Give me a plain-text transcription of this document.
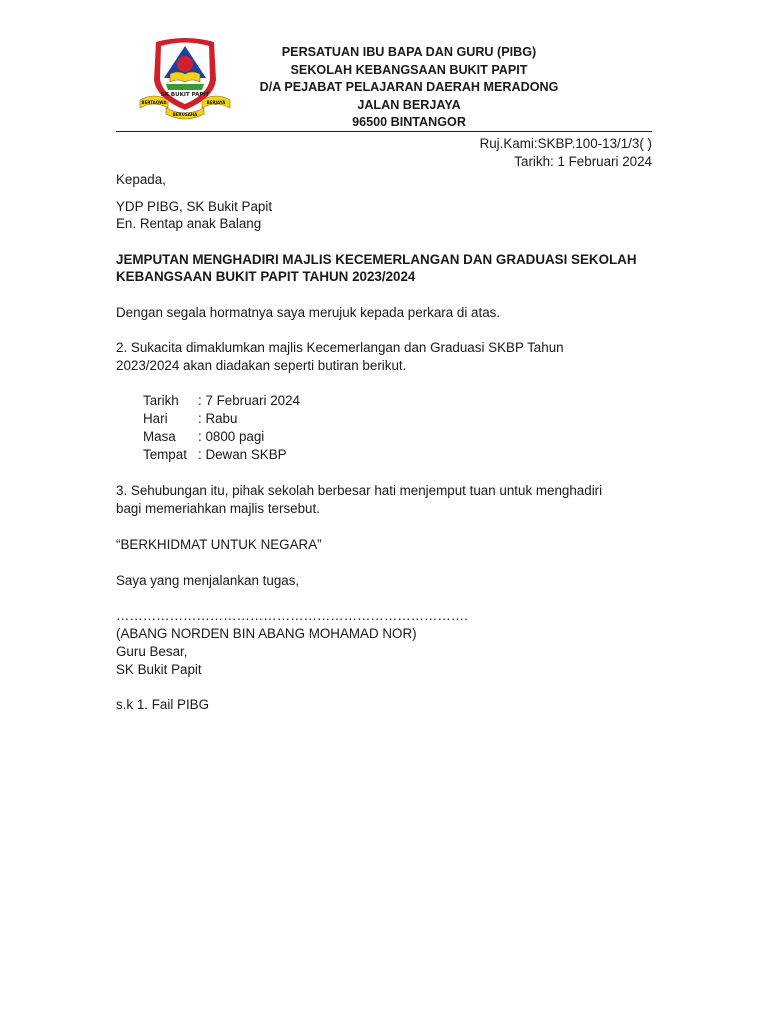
SK BUKIT PAPIT
BERTAQWA	BERJAYA
BERUSAHA
PERSATUAN IBU BAPA DAN GURU (PIBG)
SEKOLAH KEBANGSAAN BUKIT PAPIT
D/A PEJABAT PELAJARAN DAERAH MERADONG
JALAN BERJAYA
96500 BINTANGOR
Ruj.Kami:SKBP.100-13/1/3( )
Tarikh: 1 Februari 2024
Kepada,
YDP PIBG, SK Bukit Papit
En. Rentap anak Balang
JEMPUTAN MENGHADIRI MAJLIS KECEMERLANGAN DAN GRADUASI SEKOLAH
KEBANGSAAN BUKIT PAPIT TAHUN 2023/2024
Dengan segala hormatnya saya merujuk kepada perkara di atas.
2. Sukacita dimaklumkan majlis Kecemerlangan dan Graduasi SKBP Tahun
2023/2024 akan diadakan seperti butiran berikut.
Tarikh	: 7 Februari 2024
Hari	: Rabu
Masa	: 0800 pagi
Tempat : Dewan SKBP
3. Sehubungan itu, pihak sekolah berbesar hati menjemput tuan untuk menghadiri
bagi memeriahkan majlis tersebut.
“BERKHIDMAT UNTUK NEGARA”
Saya yang menjalankan tugas,
…………………………………………………………………….
(ABANG NORDEN BIN ABANG MOHAMAD NOR)
Guru Besar,
SK Bukit Papit
s.k 1. Fail PIBG
